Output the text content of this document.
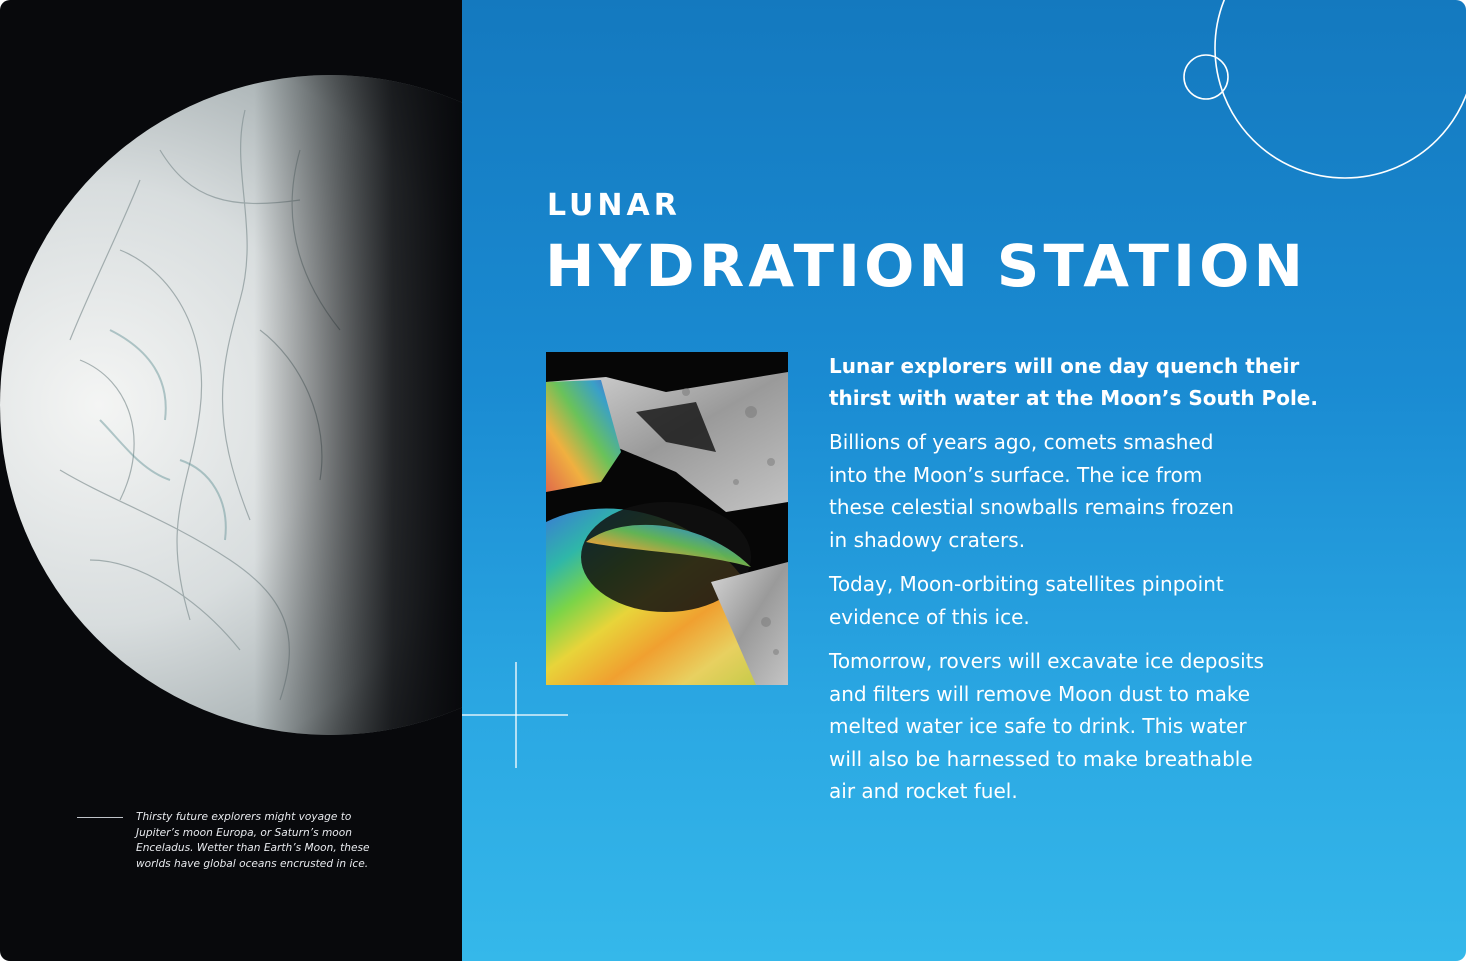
Thirsty future explorers might voyage to
Jupiter’s moon Europa, or Saturn’s moon
Enceladus. Wetter than Earth’s Moon, these
worlds have global oceans encrusted in ice.
LUNAR
HYDRATION STATION

Lunar explorers will one day quench their
thirst with water at the Moon’s South Pole.

Billions of years ago, comets smashed
into the Moon’s surface. The ice from
these celestial snowballs remains frozen
in shadowy craters.

Today, Moon-orbiting satellites pinpoint
evidence of this ice.

Tomorrow, rovers will excavate ice deposits
and filters will remove Moon dust to make
melted water ice safe to drink. This water
will also be harnessed to make breathable
air and rocket fuel.
